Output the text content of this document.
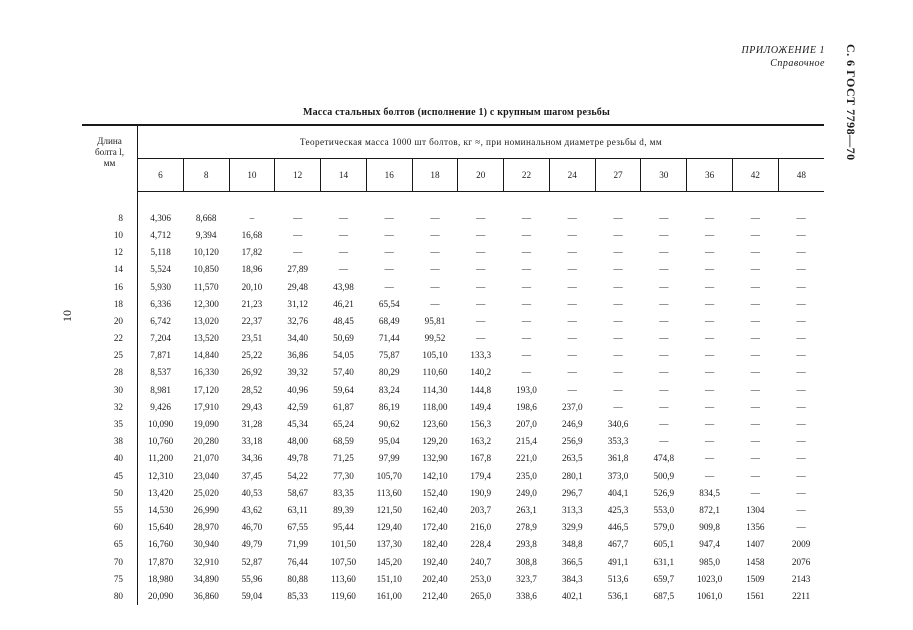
ПРИЛОЖЕНИЕ 1
Справочное С. 6 ГОСТ 7798—70
10
Масса стальных болтов (исполнение 1) с крупным шагом резьбы
Длина
болта l,
мм	Теоретическая масса 1000 шт болтов, кг ≈, при номинальном диаметре резьбы d, мм														
	6	8	10	12	14	16	18	20	22	24	27	30	36	42	48

8	4,306	8,668	–	—	—	—	—	—	—	—	—	—	—	—	—
10	4,712	9,394	16,68	—	—	—	—	—	—	—	—	—	—	—	—
12	5,118	10,120	17,82	—	—	—	—	—	—	—	—	—	—	—	—
14	5,524	10,850	18,96	27,89	—	—	—	—	—	—	—	—	—	—	—
16	5,930	11,570	20,10	29,48	43,98	—	—	—	—	—	—	—	—	—	—
18	6,336	12,300	21,23	31,12	46,21	65,54	—	—	—	—	—	—	—	—	—
20	6,742	13,020	22,37	32,76	48,45	68,49	95,81	—	—	—	—	—	—	—	—
22	7,204	13,520	23,51	34,40	50,69	71,44	99,52	—	—	—	—	—	—	—	—
25	7,871	14,840	25,22	36,86	54,05	75,87	105,10	133,3	—	—	—	—	—	—	—
28	8,537	16,330	26,92	39,32	57,40	80,29	110,60	140,2	—	—	—	—	—	—	—
30	8,981	17,120	28,52	40,96	59,64	83,24	114,30	144,8	193,0	—	—	—	—	—	—
32	9,426	17,910	29,43	42,59	61,87	86,19	118,00	149,4	198,6	237,0	—	—	—	—	—
35	10,090	19,090	31,28	45,34	65,24	90,62	123,60	156,3	207,0	246,9	340,6	—	—	—	—
38	10,760	20,280	33,18	48,00	68,59	95,04	129,20	163,2	215,4	256,9	353,3	—	—	—	—
40	11,200	21,070	34,36	49,78	71,25	97,99	132,90	167,8	221,0	263,5	361,8	474,8	—	—	—
45	12,310	23,040	37,45	54,22	77,30	105,70	142,10	179,4	235,0	280,1	373,0	500,9	—	—	—
50	13,420	25,020	40,53	58,67	83,35	113,60	152,40	190,9	249,0	296,7	404,1	526,9	834,5	—	—
55	14,530	26,990	43,62	63,11	89,39	121,50	162,40	203,7	263,1	313,3	425,3	553,0	872,1	1304	—
60	15,640	28,970	46,70	67,55	95,44	129,40	172,40	216,0	278,9	329,9	446,5	579,0	909,8	1356	—
65	16,760	30,940	49,79	71,99	101,50	137,30	182,40	228,4	293,8	348,8	467,7	605,1	947,4	1407	2009
70	17,870	32,910	52,87	76,44	107,50	145,20	192,40	240,7	308,8	366,5	491,1	631,1	985,0	1458	2076
75	18,980	34,890	55,96	80,88	113,60	151,10	202,40	253,0	323,7	384,3	513,6	659,7	1023,0	1509	2143
80	20,090	36,860	59,04	85,33	119,60	161,00	212,40	265,0	338,6	402,1	536,1	687,5	1061,0	1561	2211
